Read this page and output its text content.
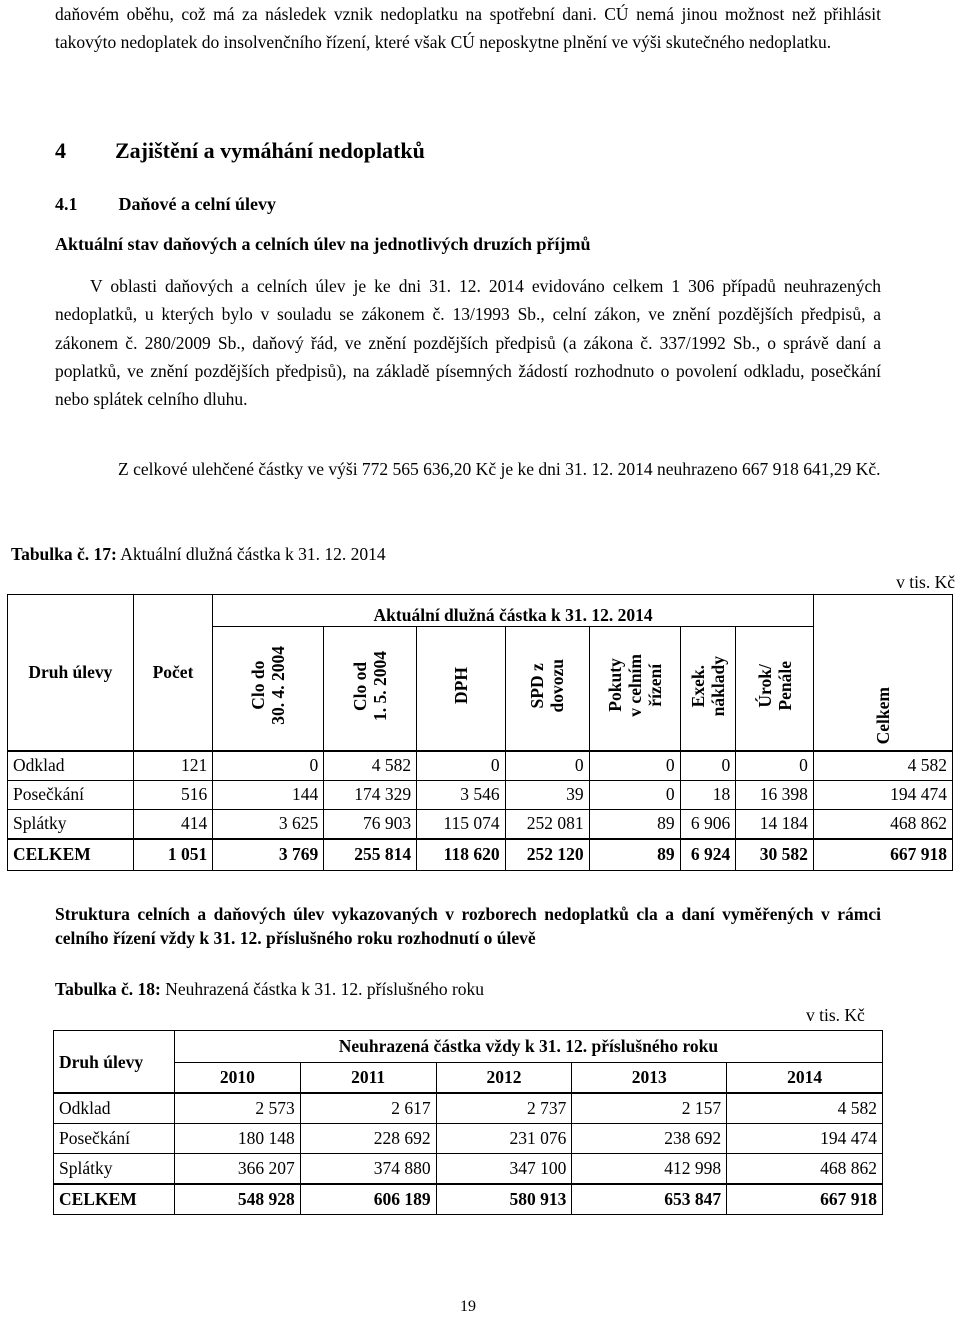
daňovém oběhu, což má za následek vznik nedoplatku na spotřební dani. CÚ nemá jinou možnost než přihlásit takovýto nedoplatek do insolvenčního řízení, které však CÚ neposkytne plnění ve výši skutečného nedoplatku.
4 Zajištění a vymáhání nedoplatků
4.1 Daňové a celní úlevy
Aktuální stav daňových a celních úlev na jednotlivých druzích příjmů
V oblasti daňových a celních úlev je ke dni 31. 12. 2014 evidováno celkem 1 306 případů neuhrazených nedoplatků, u kterých bylo v souladu se zákonem č. 13/1993 Sb., celní zákon, ve znění pozdějších předpisů, a zákonem č. 280/2009 Sb., daňový řád, ve znění pozdějších předpisů (a zákona č. 337/1992 Sb., o správě daní a poplatků, ve znění pozdějších předpisů), na základě písemných žádostí rozhodnuto o povolení odkladu, posečkání nebo splátek celního dluhu.
Z celkové ulehčené částky ve výši 772 565 636,20 Kč je ke dni 31. 12. 2014 neuhrazeno 667 918 641,29 Kč.
Tabulka č. 17: Aktuální dlužná částka k 31. 12. 2014
v tis. Kč
Druh úlevy	Počet	Aktuální dlužná částka k 31. 12. 2014							Celkem
		Clo do
30. 4. 2004	Clo od
1. 5. 2004	DPH	SPD z
dovozu	Pokuty
v celním
řízení	Exek.
náklady	Úrok/
Penále	
Odklad	121	0	4 582	0	0	0	0	0	4 582
Posečkání	516	144	174 329	3 546	39	0	18	16 398	194 474
Splátky	414	3 625	76 903	115 074	252 081	89	6 906	14 184	468 862
CELKEM	1 051	3 769	255 814	118 620	252 120	89	6 924	30 582	667 918
Struktura celních a daňových úlev vykazovaných v rozborech nedoplatků cla a daní vyměřených v rámci celního řízení vždy k 31. 12. příslušného roku rozhodnutí o úlevě
Tabulka č. 18: Neuhrazená částka k 31. 12. příslušného roku
v tis. Kč
Druh úlevy	Neuhrazená částka vždy k 31. 12. příslušného roku				
	2010	2011	2012	2013	2014
Odklad	2 573	2 617	2 737	2 157	4 582
Posečkání	180 148	228 692	231 076	238 692	194 474
Splátky	366 207	374 880	347 100	412 998	468 862
CELKEM	548 928	606 189	580 913	653 847	667 918
19
